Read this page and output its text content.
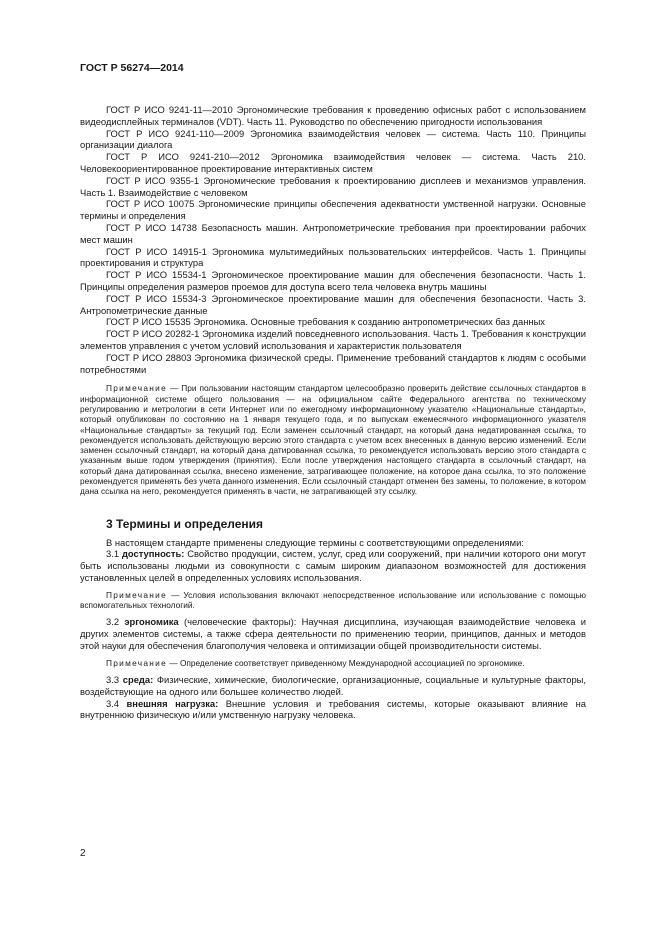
ГОСТ Р 56274—2014

ГОСТ Р ИСО 9241-11—2010 Эргономические требования к проведению офисных работ с использованием видеодисплейных терминалов (VDT). Часть 11. Руководство по обеспечению пригодности использования

ГОСТ Р ИСО 9241-110—2009 Эргономика взаимодействия человек — система. Часть 110. Принципы организации диалога

ГОСТ Р ИСО 9241-210—2012 Эргономика взаимодействия человек — система. Часть 210. Человекоориентированное проектирование интерактивных систем

ГОСТ Р ИСО 9355-1 Эргономические требования к проектированию дисплеев и механизмов управления. Часть 1. Взаимодействие с человеком

ГОСТ Р ИСО 10075 Эргономические принципы обеспечения адекватности умственной нагрузки. Основные термины и определения

ГОСТ Р ИСО 14738 Безопасность машин. Антропометрические требования при проектировании рабочих мест машин

ГОСТ Р ИСО 14915-1 Эргономика мультимедийных пользовательских интерфейсов. Часть 1. Принципы проектирования и структура

ГОСТ Р ИСО 15534-1 Эргономическое проектирование машин для обеспечения безопасности. Часть 1. Принципы определения размеров проемов для доступа всего тела человека внутрь машины

ГОСТ Р ИСО 15534-3 Эргономическое проектирование машин для обеспечения безопасности. Часть 3. Антропометрические данные

ГОСТ Р ИСО 15535 Эргономика. Основные требования к созданию антропометрических баз данных

ГОСТ Р ИСО 20282-1 Эргономика изделий повседневного использования. Часть 1. Требования к конструкции элементов управления с учетом условий использования и характеристик пользователя

ГОСТ Р ИСО 28803 Эргономика физической среды. Применение требований стандартов к людям с особыми потребностями

Примечание — При пользовании настоящим стандартом целесообразно проверить действие ссылочных стандартов в информационной системе общего пользования — на официальном сайте Федерального агентства по техническому регулированию и метрологии в сети Интернет или по ежегодному информационному указателю «Национальные стандарты», который опубликован по состоянию на 1 января текущего года, и по выпускам ежемесячного информационного указателя «Национальные стандарты» за текущий год. Если заменен ссылочный стандарт, на который дана недатированная ссылка, то рекомендуется использовать действующую версию этого стандарта с учетом всех внесенных в данную версию изменений. Если заменен ссылочный стандарт, на который дана датированная ссылка, то рекомендуется использовать версию этого стандарта с указанным выше годом утверждения (принятия). Если после утверждения настоящего стандарта в ссылочный стандарт, на который дана датированная ссылка, внесено изменение, затрагивающее положение, на которое дана ссылка, то это положение рекомендуется применять без учета данного изменения. Если ссылочный стандарт отменен без замены, то положение, в котором дана ссылка на него, рекомендуется применять в части, не затрагивающей эту ссылку.

3 Термины и определения

В настоящем стандарте применены следующие термины с соответствующими определениями:

3.1 доступность: Свойство продукции, систем, услуг, сред или сооружений, при наличии которого они могут быть использованы людьми из совокупности с самым широким диапазоном возможностей для достижения установленных целей в определенных условиях использования.

Примечание — Условия использования включают непосредственное использование или использование с помощью вспомогательных технологий.

3.2 эргономика (человеческие факторы): Научная дисциплина, изучающая взаимодействие человека и других элементов системы, а также сфера деятельности по применению теории, принципов, данных и методов этой науки для обеспечения благополучия человека и оптимизации общей производительности системы.

Примечание — Определение соответствует приведенному Международной ассоциацией по эргономике.

3.3 среда: Физические, химические, биологические, организационные, социальные и культурные факторы, воздействующие на одного или большее количество людей.

3.4 внешняя нагрузка: Внешние условия и требования системы, которые оказывают влияние на внутреннюю физическую и/или умственную нагрузку человека.

2
